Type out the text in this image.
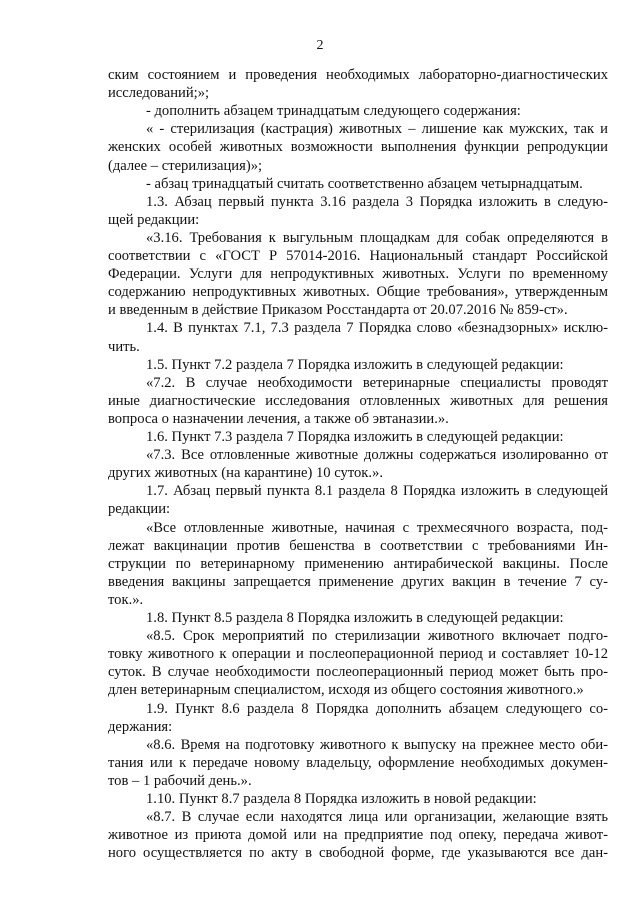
2
ским состоянием и проведения необходимых лабораторно-диагностических
исследований;»;
- дополнить абзацем тринадцатым следующего содержания:
« - стерилизация (кастрация) животных – лишение как мужских, так и
женских особей животных возможности выполнения функции репродукции
(далее – стерилизация)»;
- абзац тринадцатый считать соответственно абзацем четырнадцатым.
1.3. Абзац первый пункта 3.16 раздела 3 Порядка изложить в следую-
щей редакции:
«3.16. Требования к выгульным площадкам для собак определяются в
соответствии с «ГОСТ Р 57014-2016. Национальный стандарт Российской
Федерации. Услуги для непродуктивных животных. Услуги по временному
содержанию непродуктивных животных. Общие требования», утвержденным
и введенным в действие Приказом Росстандарта от 20.07.2016 № 859-ст».
1.4. В пунктах 7.1, 7.3 раздела 7 Порядка слово «безнадзорных» исклю-
чить.
1.5. Пункт 7.2 раздела 7 Порядка изложить в следующей редакции:
«7.2. В случае необходимости ветеринарные специалисты проводят
иные диагностические исследования отловленных животных для решения
вопроса о назначении лечения, а также об эвтаназии.».
1.6. Пункт 7.3 раздела 7 Порядка изложить в следующей редакции:
«7.3. Все отловленные животные должны содержаться изолированно от
других животных (на карантине) 10 суток.».
1.7. Абзац первый пункта 8.1 раздела 8 Порядка изложить в следующей
редакции:
«Все отловленные животные, начиная с трехмесячного возраста, под-
лежат вакцинации против бешенства в соответствии с требованиями Ин-
струкции по ветеринарному применению антирабической вакцины. После
введения вакцины запрещается применение других вакцин в течение 7 су-
ток.».
1.8. Пункт 8.5 раздела 8 Порядка изложить в следующей редакции:
«8.5. Срок мероприятий по стерилизации животного включает подго-
товку животного к операции и послеоперационной период и составляет 10-12
суток. В случае необходимости послеоперационный период может быть про-
длен ветеринарным специалистом, исходя из общего состояния животного.»
1.9. Пункт 8.6 раздела 8 Порядка дополнить абзацем следующего со-
держания:
«8.6. Время на подготовку животного к выпуску на прежнее место оби-
тания или к передаче новому владельцу, оформление необходимых докумен-
тов – 1 рабочий день.».
1.10. Пункт 8.7 раздела 8 Порядка изложить в новой редакции:
«8.7. В случае если находятся лица или организации, желающие взять
животное из приюта домой или на предприятие под опеку, передача живот-
ного осуществляется по акту в свободной форме, где указываются все дан-
